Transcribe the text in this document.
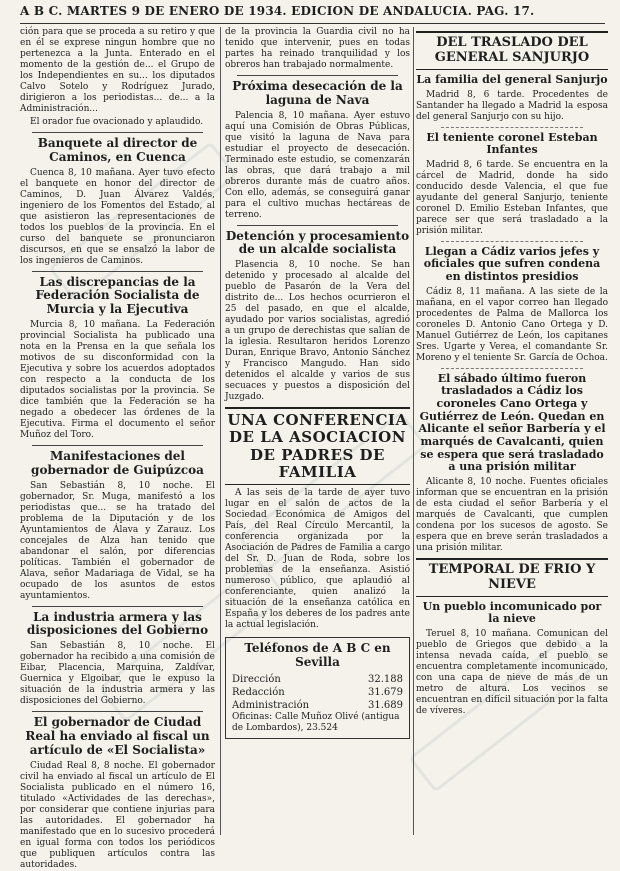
A B C. MARTES 9 DE ENERO DE 1934. EDICION DE ANDALUCIA. PAG. 17.

ción para que se proceda a su retiro y que en él se exprese ningun hombre que no pertenezca a la Junta. Enterado en el momento de la gestión de... el Grupo de los Independientes en su... los diputados Calvo Sotelo y Rodríguez Jurado, dirigieron a los periodistas... de... a la Administración...

El orador fue ovacionado y aplaudido.

Banquete al director de Caminos, en Cuenca

Cuenca 8, 10 mañana. Ayer tuvo efecto el banquete en honor del director de Caminos, D. Juan Álvarez Valdés, ingeniero de los Fomentos del Estado, al que asistieron las representaciones de todos los pueblos de la provincia. En el curso del banquete se pronunciaron discursos, en que se ensalzó la labor de los ingenieros de Caminos.

Las discrepancias de la Federación Socialista de Murcia y la Ejecutiva

Murcia 8, 10 mañana. La Federación provincial Socialista ha publicado una nota en la Prensa en la que señala los motivos de su disconformidad con la Ejecutiva y sobre los acuerdos adoptados con respecto a la conducta de los diputados socialistas por la provincia. Se dice también que la Federación se ha negado a obedecer las órdenes de la Ejecutiva. Firma el documento el señor Muñoz del Toro.

Manifestaciones del gobernador de Guipúzcoa

San Sebastián 8, 10 noche. El gobernador, Sr. Muga, manifestó a los periodistas que... se ha tratado del problema de la Diputación y de los Ayuntamientos de Álava y Zarauz. Los concejales de Alza han tenido que abandonar el salón, por diferencias políticas. También el gobernador de Alava, señor Madariaga de Vidal, se ha ocupado de los asuntos de estos ayuntamientos.

La industria armera y las disposiciones del Gobierno

San Sebastián 8, 10 noche. El gobernador ha recibido a una comisión de Eibar, Placencia, Marquina, Zaldívar, Guernica y Elgoibar, que le expuso la situación de la industria armera y las disposiciones del Gobierno.

El gobernador de Ciudad Real ha enviado al fiscal un artículo de «El Socialista»

Ciudad Real 8, 8 noche. El gobernador civil ha enviado al fiscal un artículo de El Socialista publicado en el número 16, titulado «Actividades de las derechas», por considerar que contiene injurias para las autoridades. El gobernador ha manifestado que en lo sucesivo procederá en igual forma con todos los periódicos que publiquen artículos contra las autoridades.

de la provincia la Guardia civil no ha tenido que intervenir, pues en todas partes ha reinado tranquilidad y los obreros han trabajado normalmente.

Próxima desecación de la laguna de Nava

Palencia 8, 10 mañana. Ayer estuvo aquí una Comisión de Obras Públicas, que visitó la laguna de Nava para estudiar el proyecto de desecación. Terminado este estudio, se comenzarán las obras, que dará trabajo a mil obreros durante más de cuatro años. Con ello, además, se conseguirá ganar para el cultivo muchas hectáreas de terreno.

Detención y procesamiento de un alcalde socialista

Plasencia 8, 10 noche. Se han detenido y procesado al alcalde del pueblo de Pasarón de la Vera del distrito de... Los hechos ocurrieron el 25 del pasado, en que el alcalde, ayudado por varios socialistas, agredió a un grupo de derechistas que salían de la iglesia. Resultaron heridos Lorenzo Duran, Enrique Bravo, Antonio Sánchez y Francisco Mangudo. Han sido detenidos el alcalde y varios de sus secuaces y puestos a disposición del Juzgado.

UNA CONFERENCIA DE LA ASOCIACION DE PADRES DE FAMILIA

A las seis de la tarde de ayer tuvo lugar en el salón de actos de la Sociedad Económica de Amigos del País, del Real Círculo Mercantil, la conferencia organizada por la Asociación de Padres de Familia a cargo del Sr. D. Juan de Roda, sobre los problemas de la enseñanza. Asistió numeroso público, que aplaudió al conferenciante, quien analizó la situación de la enseñanza católica en España y los deberes de los padres ante la actual legislación.

Teléfonos de A B C en Sevilla
Dirección	32.188
Redacción	31.679
Administración	31.689
Oficinas: Calle Muñoz Olivé (antigua de Lombardos), 23.524
DEL TRASLADO DEL GENERAL SANJURJO
La familia del general Sanjurjo

Madrid 8, 6 tarde. Procedentes de Santander ha llegado a Madrid la esposa del general Sanjurjo con su hijo.

El teniente coronel Esteban Infantes

Madrid 8, 6 tarde. Se encuentra en la cárcel de Madrid, donde ha sido conducido desde Valencia, el que fue ayudante del general Sanjurjo, teniente coronel D. Emilio Esteban Infantes, que parece ser que será trasladado a la prisión militar.

Llegan a Cádiz varios jefes y oficiales que sufren condena en distintos presidios

Cádiz 8, 11 mañana. A las siete de la mañana, en el vapor correo han llegado procedentes de Palma de Mallorca los coroneles D. Antonio Cano Ortega y D. Manuel Gutiérrez de León, los capitanes Sres. Ugarte y Verea, el comandante Sr. Moreno y el teniente Sr. García de Ochoa.

El sábado último fueron trasladados a Cádiz los coroneles Cano Ortega y Gutiérrez de León. Quedan en Alicante el señor Barbería y el marqués de Cavalcanti, quien se espera que será trasladado a una prisión militar

Alicante 8, 10 noche. Fuentes oficiales informan que se encuentran en la prisión de esta ciudad el señor Barbería y el marqués de Cavalcanti, que cumplen condena por los sucesos de agosto. Se espera que en breve serán trasladados a una prisión militar.

TEMPORAL DE FRIO Y NIEVE
Un pueblo incomunicado por la nieve

Teruel 8, 10 mañana. Comunican del pueblo de Griegos que debido a la intensa nevada caída, el pueblo se encuentra completamente incomunicado, con una capa de nieve de más de un metro de altura. Los vecinos se encuentran en difícil situación por la falta de víveres.
